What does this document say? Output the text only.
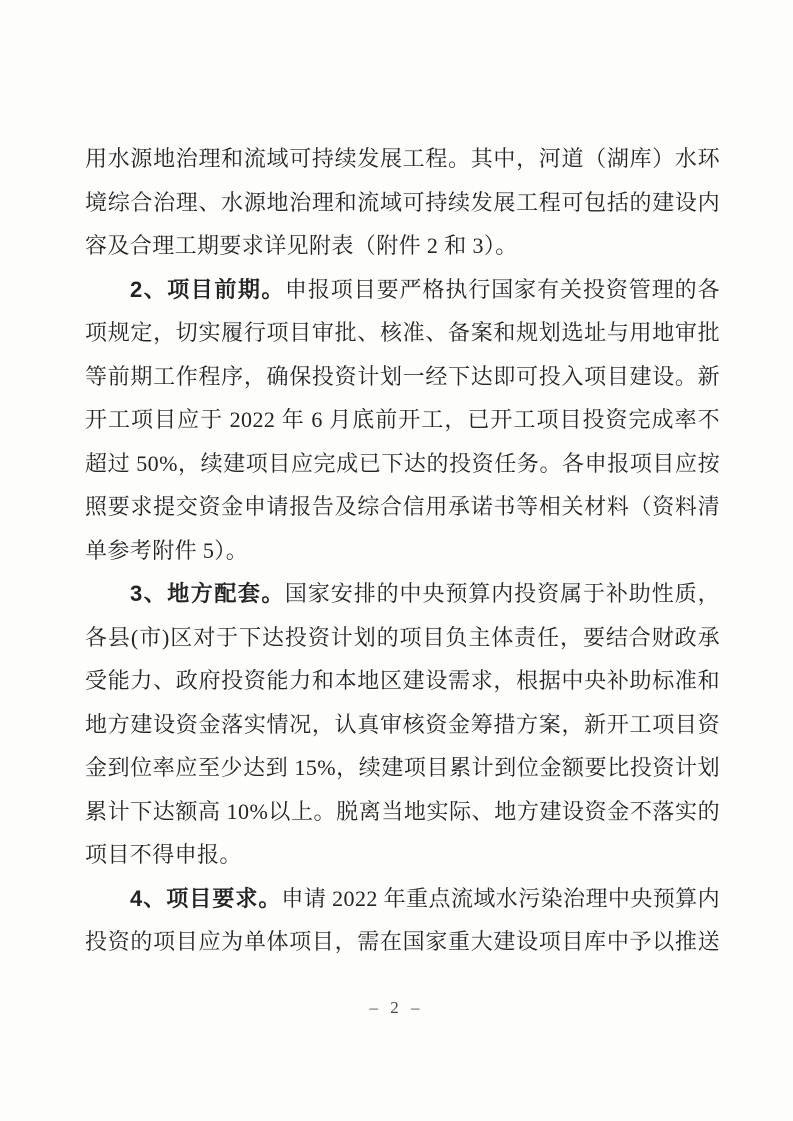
用水源地治理和流域可持续发展工程。其中，河道（湖库）水环
境综合治理、水源地治理和流域可持续发展工程可包括的建设内
容及合理工期要求详见附表（附件 2 和 3）。
2、项目前期。申报项目要严格执行国家有关投资管理的各
项规定，切实履行项目审批、核准、备案和规划选址与用地审批
等前期工作程序，确保投资计划一经下达即可投入项目建设。新
开工项目应于 2022 年 6 月底前开工，已开工项目投资完成率不
超过 50%，续建项目应完成已下达的投资任务。各申报项目应按
照要求提交资金申请报告及综合信用承诺书等相关材料（资料清
单参考附件 5）。
3、地方配套。国家安排的中央预算内投资属于补助性质，
各县(市)区对于下达投资计划的项目负主体责任，要结合财政承
受能力、政府投资能力和本地区建设需求，根据中央补助标准和
地方建设资金落实情况，认真审核资金筹措方案，新开工项目资
金到位率应至少达到 15%，续建项目累计到位金额要比投资计划
累计下达额高 10%以上。脱离当地实际、地方建设资金不落实的
项目不得申报。
4、项目要求。申请 2022 年重点流域水污染治理中央预算内
投资的项目应为单体项目，需在国家重大建设项目库中予以推送
– 2 –
